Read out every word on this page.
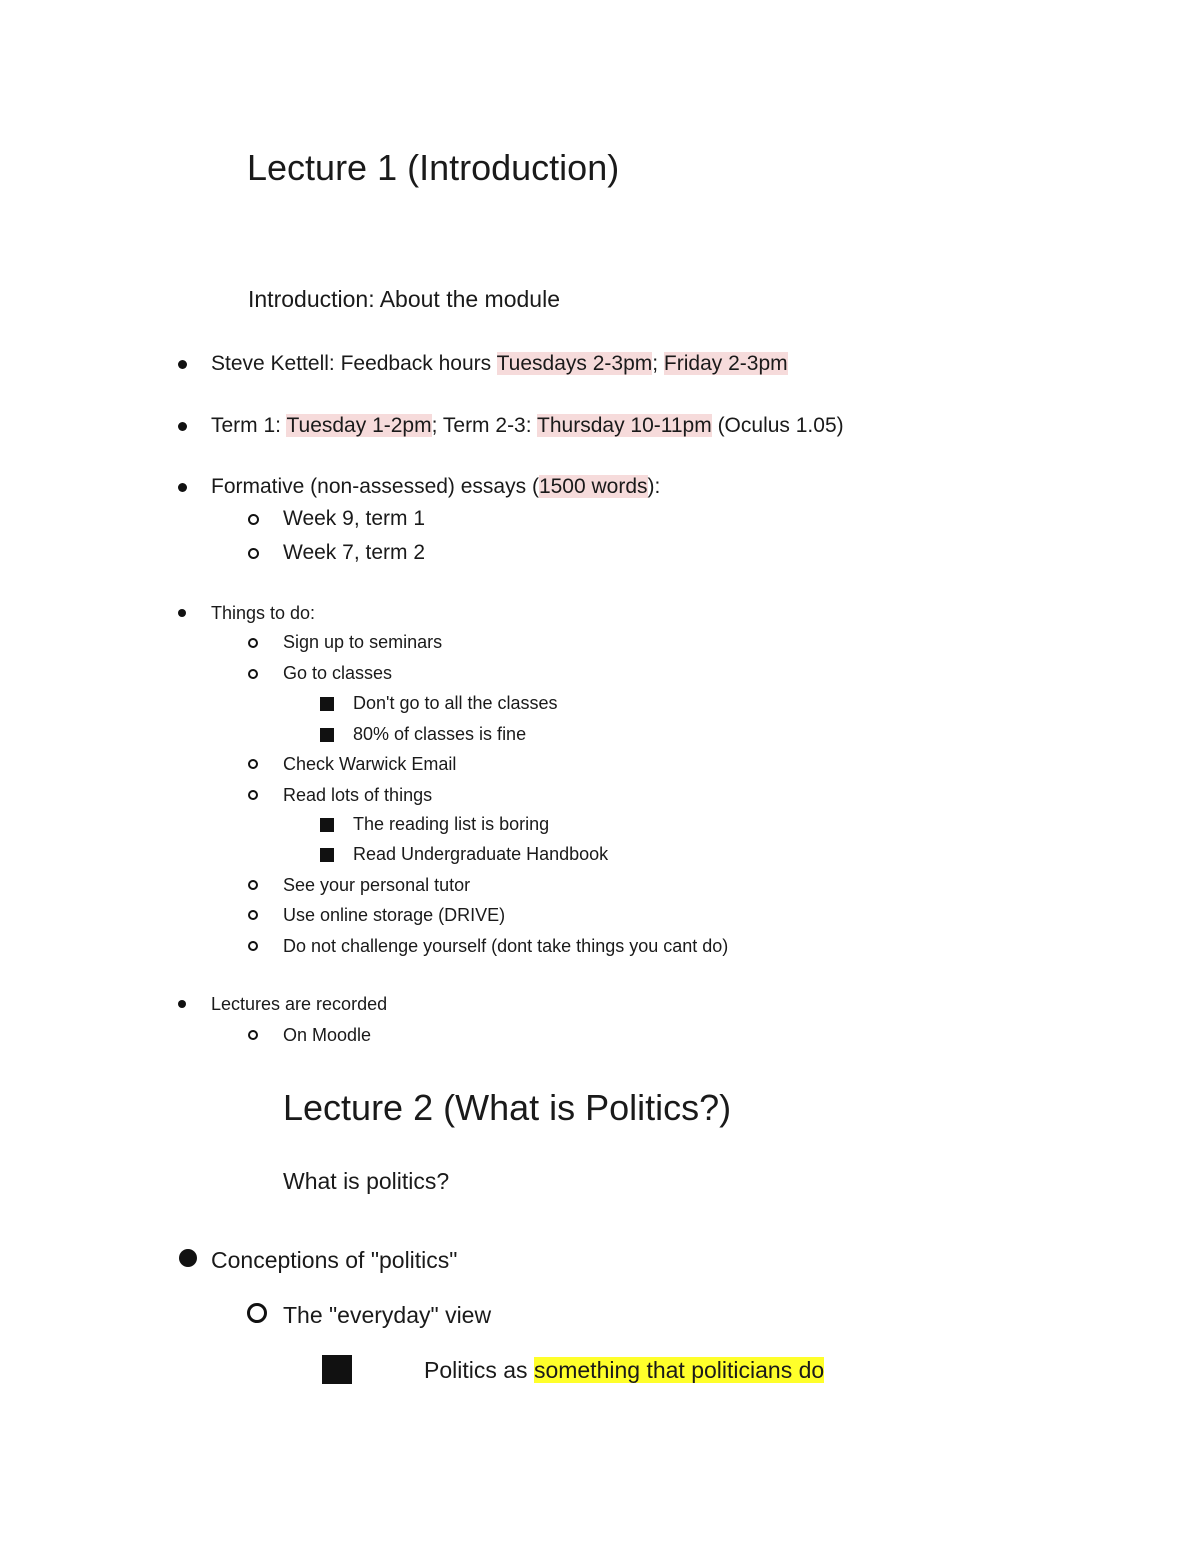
Lecture 1 (Introduction)
Introduction: About the module
Steve Kettell: Feedback hours Tuesdays 2-3pm; Friday 2-3pm
Term 1: Tuesday 1-2pm; Term 2-3: Thursday 10-11pm (Oculus 1.05)
Formative (non-assessed) essays (1500 words):
Week 9, term 1
Week 7, term 2
Things to do:
Sign up to seminars
Go to classes
Don't go to all the classes
80% of classes is fine
Check Warwick Email
Read lots of things
The reading list is boring
Read Undergraduate Handbook
See your personal tutor
Use online storage (DRIVE)
Do not challenge yourself (dont take things you cant do)
Lectures are recorded
On Moodle
Lecture 2 (What is Politics?)
What is politics?
Conceptions of "politics"
The "everyday" view
Politics as something that politicians do
